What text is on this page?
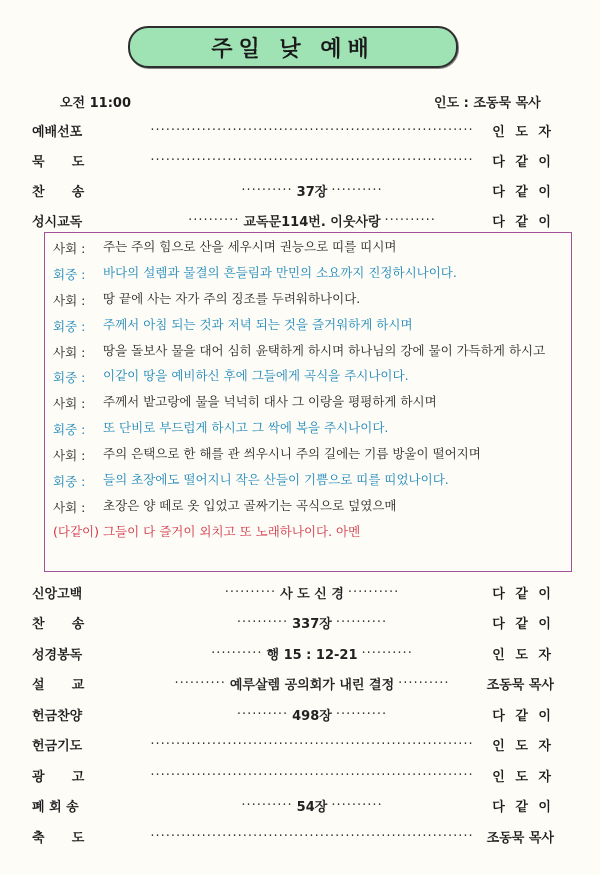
주일 낮 예배
오전 11:00	인도 : 조동묵 목사
예배선포	·······························································	인 도 자
묵      도	·······························································	다 같 이
찬      송	·········· 37장 ··········	다 같 이
성시교독	·········· 교독문114번. 이웃사랑 ··········	다 같 이
사회 :	주는 주의 힘으로 산을 세우시며 권능으로 띠를 띠시며
회중 :	바다의 설렘과 물결의 흔들림과 만민의 소요까지 진정하시나이다.
사회 :	땅 끝에 사는 자가 주의 징조를 두려워하나이다.
회중 :	주께서 아침 되는 것과 저녁 되는 것을 즐거워하게 하시며
사회 :	땅을 돌보사 물을 대어 심히 윤택하게 하시며 하나님의 강에 물이 가득하게 하시고
회중 :	이같이 땅을 예비하신 후에 그들에게 곡식을 주시나이다.
사회 :	주께서 밭고랑에 물을 넉넉히 대사 그 이랑을 평평하게 하시며
회중 :	또 단비로 부드럽게 하시고 그 싹에 복을 주시나이다.
사회 :	주의 은택으로 한 해를 관 씌우시니 주의 길에는 기름 방울이 떨어지며
회중 :	들의 초장에도 떨어지니 작은 산들이 기쁨으로 띠를 띠었나이다.
사회 :	초장은 양 떼로 옷 입었고 골짜기는 곡식으로 덮였으매
(다같이) 그들이 다 즐거이 외치고 또 노래하나이다. 아멘
신앙고백	·········· 사 도 신 경 ··········	다 같 이
찬      송	·········· 337장 ··········	다 같 이
성경봉독	·········· 행 15 : 12-21 ··········	인 도 자
설      교	·········· 예루살렘 공의회가 내린 결정 ··········	조동묵 목사
헌금찬양	·········· 498장 ··········	다 같 이
헌금기도	·······························································	인 도 자
광      고	·······························································	인 도 자
폐 회 송	·········· 54장 ··········	다 같 이
축      도	·······························································	조동묵 목사
